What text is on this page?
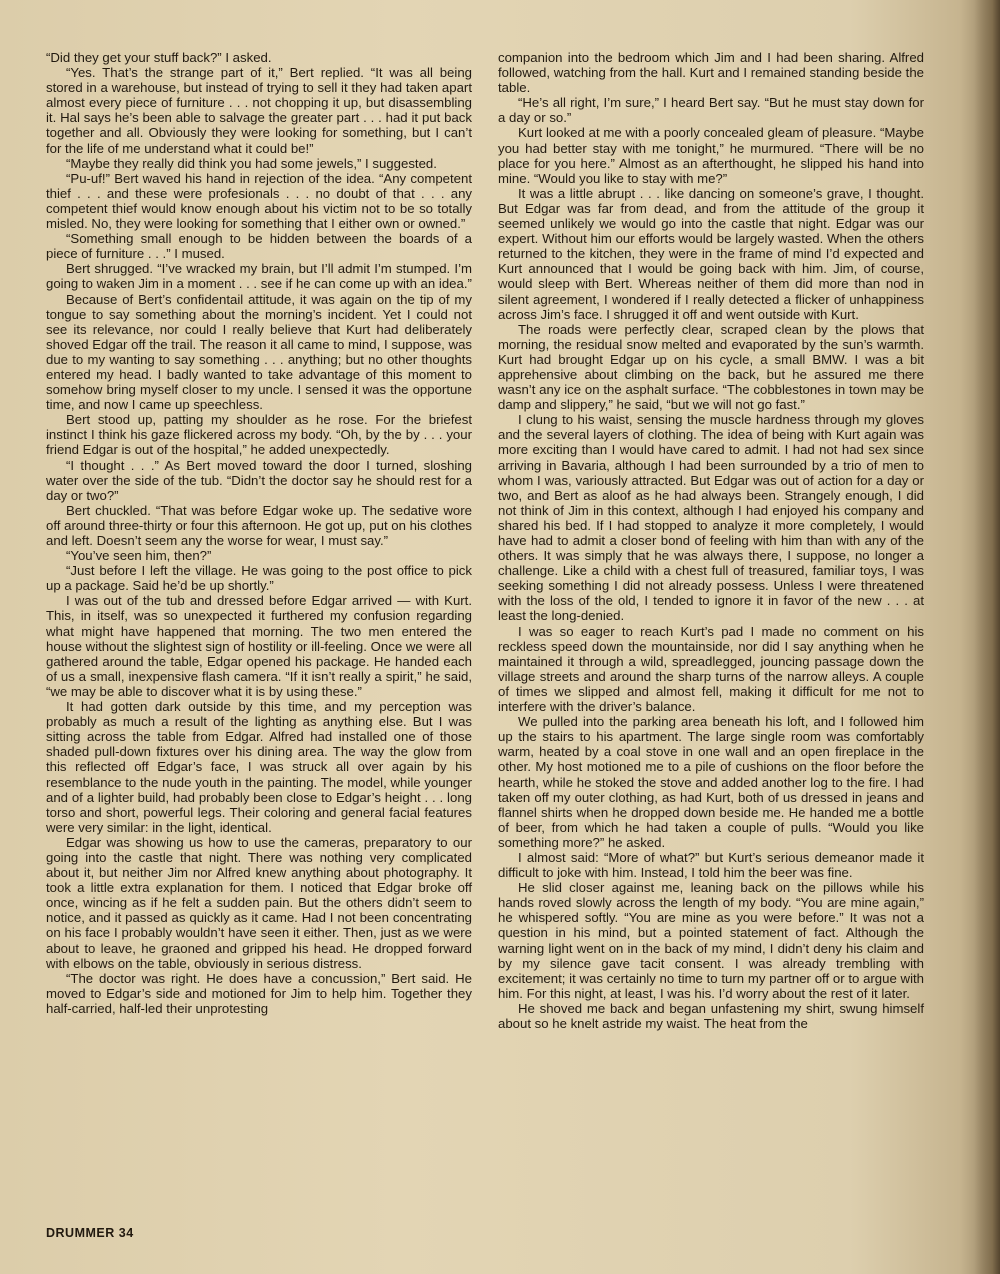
“Did they get your stuff back?” I asked.

“Yes. That’s the strange part of it,” Bert replied. “It was all being stored in a warehouse, but instead of trying to sell it they had taken apart almost every piece of furniture . . . not chopping it up, but disassembling it. Hal says he’s been able to salvage the greater part . . . had it put back together and all. Obviously they were looking for something, but I can’t for the life of me understand what it could be!”

“Maybe they really did think you had some jewels,” I suggested.

“Pu-uf!” Bert waved his hand in rejection of the idea. “Any competent thief . . . and these were profesionals . . . no doubt of that . . . any competent thief would know enough about his victim not to be so totally misled. No, they were looking for something that I either own or owned.”

“Something small enough to be hidden between the boards of a piece of furniture . . .” I mused.

Bert shrugged. “I’ve wracked my brain, but I’ll admit I’m stumped. I’m going to waken Jim in a moment . . . see if he can come up with an idea.”

Because of Bert’s confidentail attitude, it was again on the tip of my tongue to say something about the morning’s incident. Yet I could not see its relevance, nor could I really believe that Kurt had deliberately shoved Edgar off the trail. The reason it all came to mind, I suppose, was due to my wanting to say something . . . anything; but no other thoughts entered my head. I badly wanted to take advantage of this moment to somehow bring myself closer to my uncle. I sensed it was the opportune time, and now I came up speechless.

Bert stood up, patting my shoulder as he rose. For the briefest instinct I think his gaze flickered across my body. “Oh, by the by . . . your friend Edgar is out of the hospital,” he added unexpectedly.

“I thought . . .” As Bert moved toward the door I turned, sloshing water over the side of the tub. “Didn’t the doctor say he should rest for a day or two?”

Bert chuckled. “That was before Edgar woke up. The sedative wore off around three-thirty or four this afternoon. He got up, put on his clothes and left. Doesn’t seem any the worse for wear, I must say.”

“You’ve seen him, then?”

“Just before I left the village. He was going to the post office to pick up a package. Said he’d be up shortly.”

I was out of the tub and dressed before Edgar arrived — with Kurt. This, in itself, was so unexpected it furthered my confusion regarding what might have happened that morning. The two men entered the house without the slightest sign of hostility or ill-feeling. Once we were all gathered around the table, Edgar opened his package. He handed each of us a small, inexpensive flash camera. “If it isn’t really a spirit,” he said, “we may be able to discover what it is by using these.”

It had gotten dark outside by this time, and my perception was probably as much a result of the lighting as anything else. But I was sitting across the table from Edgar. Alfred had installed one of those shaded pull-down fixtures over his dining area. The way the glow from this reflected off Edgar’s face, I was struck all over again by his resemblance to the nude youth in the painting. The model, while younger and of a lighter build, had probably been close to Edgar’s height . . . long torso and short, powerful legs. Their coloring and general facial features were very similar: in the light, identical.

Edgar was showing us how to use the cameras, preparatory to our going into the castle that night. There was nothing very complicated about it, but neither Jim nor Alfred knew anything about photography. It took a little extra explanation for them. I noticed that Edgar broke off once, wincing as if he felt a sudden pain. But the others didn’t seem to notice, and it passed as quickly as it came. Had I not been concentrating on his face I probably wouldn’t have seen it either. Then, just as we were about to leave, he graoned and gripped his head. He dropped forward with elbows on the table, obviously in serious distress.

“The doctor was right. He does have a concussion,” Bert said. He moved to Edgar’s side and motioned for Jim to help him. Together they half-carried, half-led their unprotesting

companion into the bedroom which Jim and I had been sharing. Alfred followed, watching from the hall. Kurt and I remained standing beside the table.

“He’s all right, I’m sure,” I heard Bert say. “But he must stay down for a day or so.”

Kurt looked at me with a poorly concealed gleam of pleasure. “Maybe you had better stay with me tonight,” he murmured. “There will be no place for you here.” Almost as an afterthought, he slipped his hand into mine. “Would you like to stay with me?”

It was a little abrupt . . . like dancing on someone’s grave, I thought. But Edgar was far from dead, and from the attitude of the group it seemed unlikely we would go into the castle that night. Edgar was our expert. Without him our efforts would be largely wasted. When the others returned to the kitchen, they were in the frame of mind I’d expected and Kurt announced that I would be going back with him. Jim, of course, would sleep with Bert. Whereas neither of them did more than nod in silent agreement, I wondered if I really detected a flicker of unhappiness across Jim’s face. I shrugged it off and went outside with Kurt.

The roads were perfectly clear, scraped clean by the plows that morning, the residual snow melted and evaporated by the sun’s warmth. Kurt had brought Edgar up on his cycle, a small BMW. I was a bit apprehensive about climbing on the back, but he assured me there wasn’t any ice on the asphalt surface. “The cobblestones in town may be damp and slippery,” he said, “but we will not go fast.”

I clung to his waist, sensing the muscle hardness through my gloves and the several layers of clothing. The idea of being with Kurt again was more exciting than I would have cared to admit. I had not had sex since arriving in Bavaria, although I had been surrounded by a trio of men to whom I was, variously attracted. But Edgar was out of action for a day or two, and Bert as aloof as he had always been. Strangely enough, I did not think of Jim in this context, although I had enjoyed his company and shared his bed. If I had stopped to analyze it more completely, I would have had to admit a closer bond of feeling with him than with any of the others. It was simply that he was always there, I suppose, no longer a challenge. Like a child with a chest full of treasured, familiar toys, I was seeking something I did not already possess. Unless I were threatened with the loss of the old, I tended to ignore it in favor of the new . . . at least the long-denied.

I was so eager to reach Kurt’s pad I made no comment on his reckless speed down the mountainside, nor did I say anything when he maintained it through a wild, spreadlegged, jouncing passage down the village streets and around the sharp turns of the narrow alleys. A couple of times we slipped and almost fell, making it difficult for me not to interfere with the driver’s balance.

We pulled into the parking area beneath his loft, and I followed him up the stairs to his apartment. The large single room was comfortably warm, heated by a coal stove in one wall and an open fireplace in the other. My host motioned me to a pile of cushions on the floor before the hearth, while he stoked the stove and added another log to the fire. I had taken off my outer clothing, as had Kurt, both of us dressed in jeans and flannel shirts when he dropped down beside me. He handed me a bottle of beer, from which he had taken a couple of pulls. “Would you like something more?” he asked.

I almost said: “More of what?” but Kurt’s serious demeanor made it difficult to joke with him. Instead, I told him the beer was fine.

He slid closer against me, leaning back on the pillows while his hands roved slowly across the length of my body. “You are mine again,” he whispered softly. “You are mine as you were before.” It was not a question in his mind, but a pointed statement of fact. Although the warning light went on in the back of my mind, I didn’t deny his claim and by my silence gave tacit consent. I was already trembling with excitement; it was certainly no time to turn my partner off or to argue with him. For this night, at least, I was his. I’d worry about the rest of it later.

He shoved me back and began unfastening my shirt, swung himself about so he knelt astride my waist. The heat from the

DRUMMER 34
